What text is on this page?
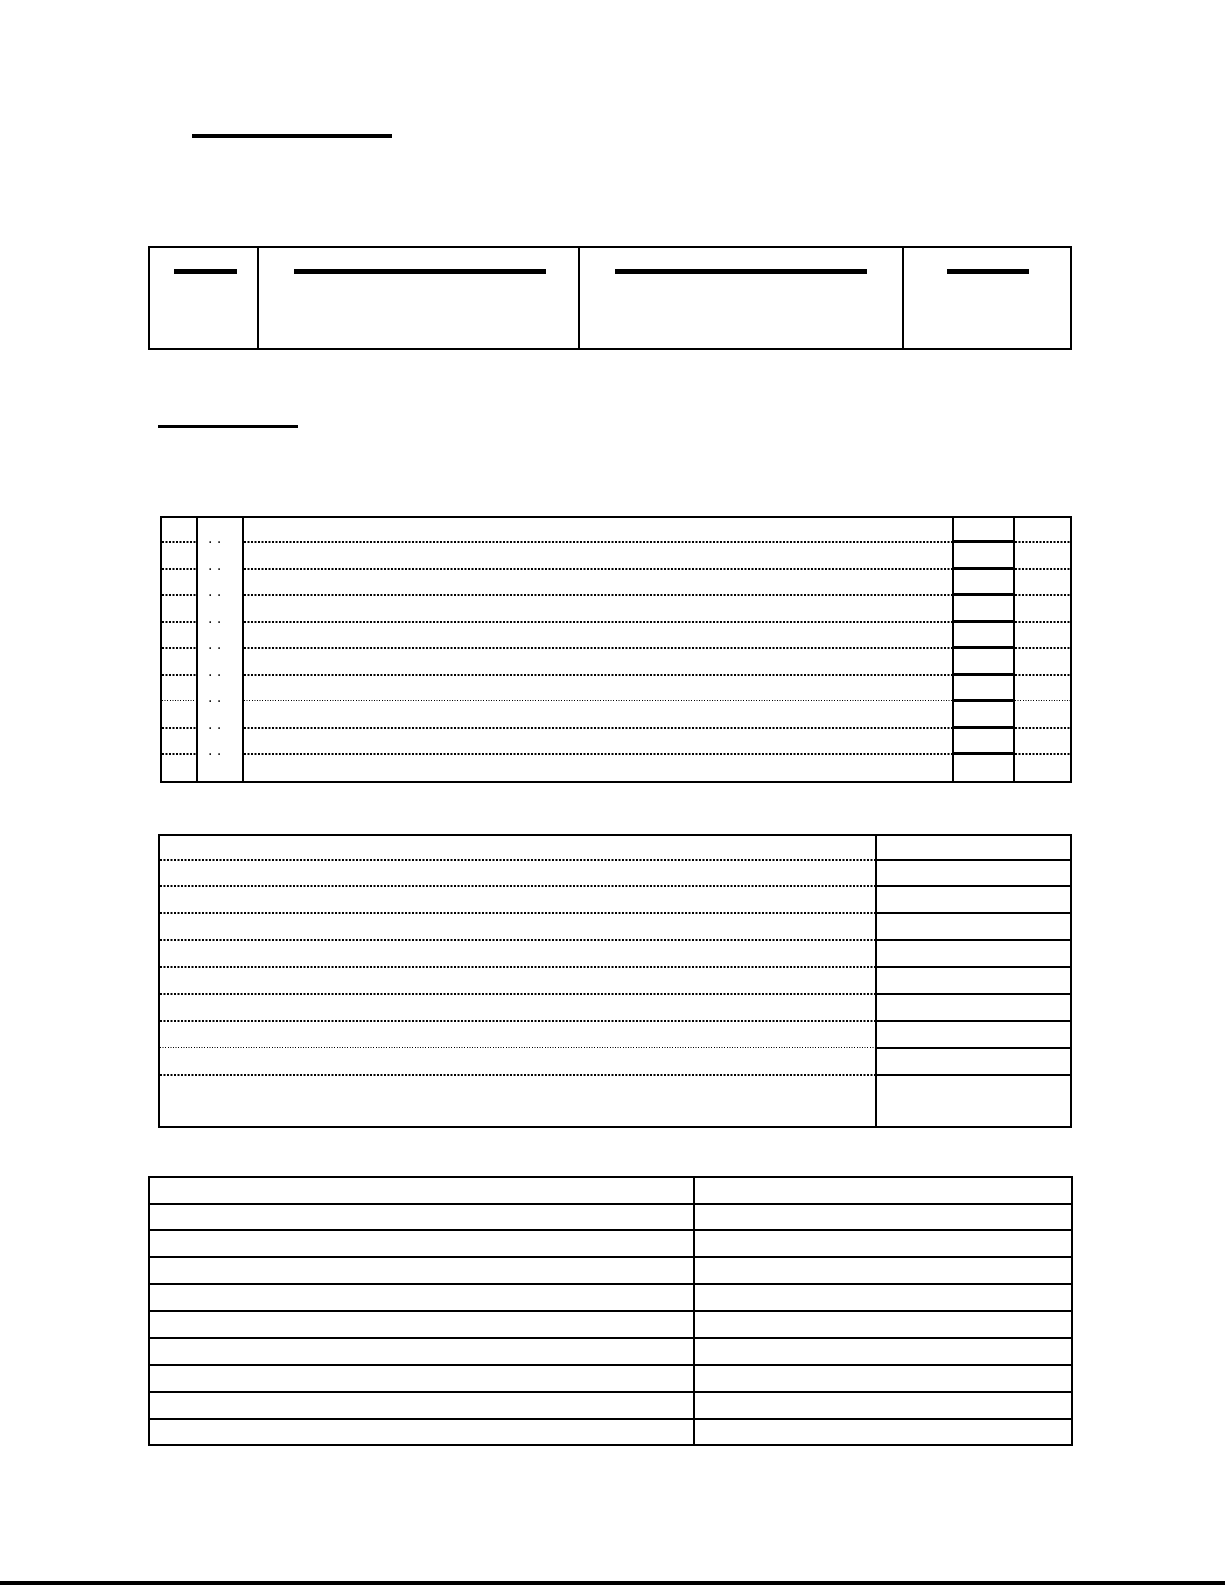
. .
. .
. .
. .
. .
. .
. .
. .
. .
